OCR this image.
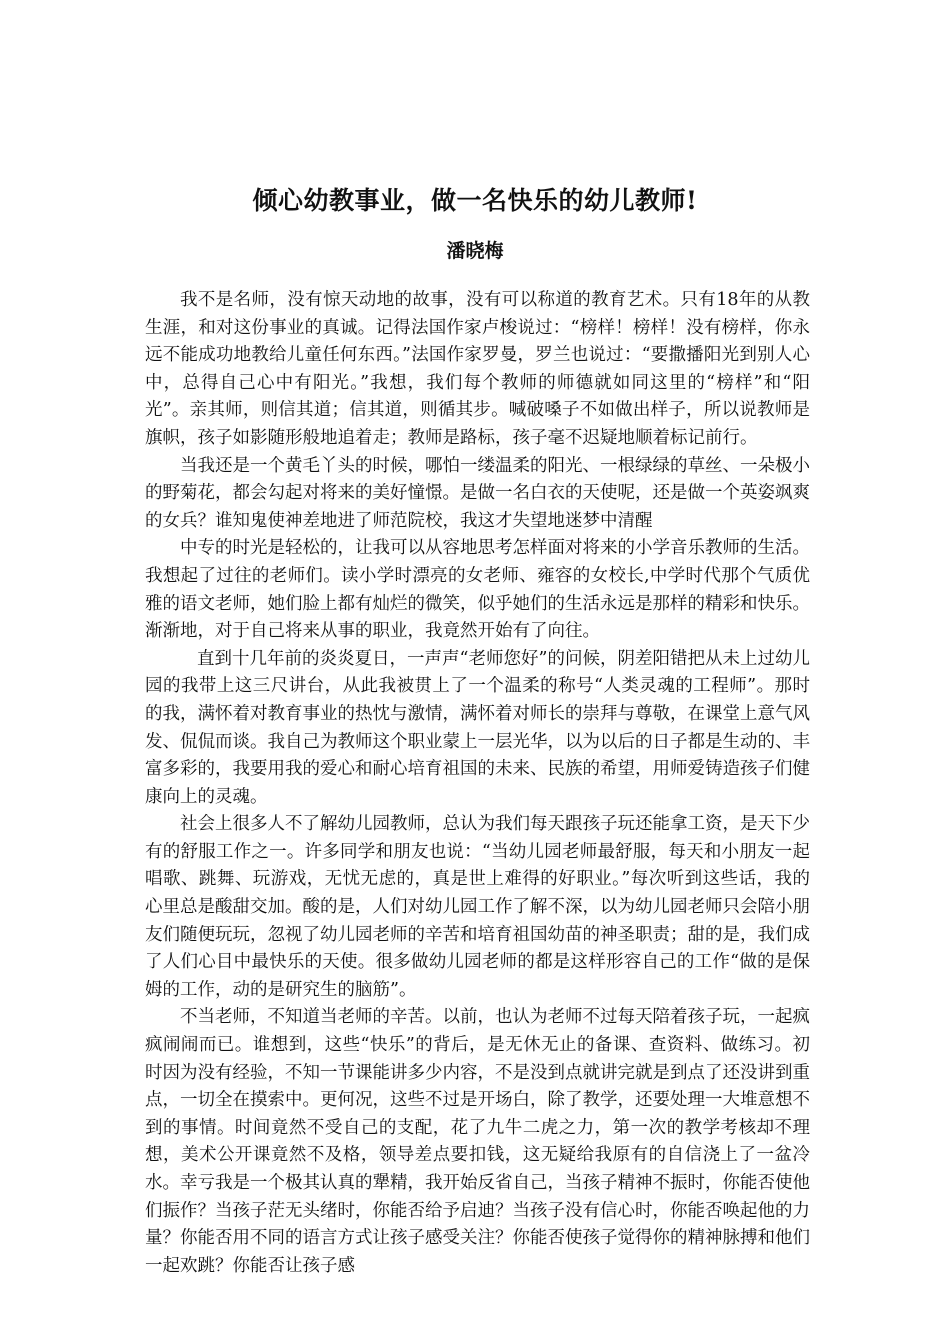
倾心幼教事业，做一名快乐的幼儿教师!
潘晓梅

我不是名师，没有惊天动地的故事，没有可以称道的教育艺术。只有18年的从教生涯，和对这份事业的真诚。记得法国作家卢梭说过：“榜样！榜样！没有榜样，你永远不能成功地教给儿童任何东西。”法国作家罗曼，罗兰也说过：“要撒播阳光到别人心中，总得自己心中有阳光。”我想，我们每个教师的师德就如同这里的“榜样”和“阳光”。亲其师，则信其道；信其道，则循其步。喊破嗓子不如做出样子，所以说教师是旗帜，孩子如影随形般地追着走；教师是路标，孩子毫不迟疑地顺着标记前行。

当我还是一个黄毛丫头的时候，哪怕一缕温柔的阳光、一根绿绿的草丝、一朵极小的野菊花，都会勾起对将来的美好憧憬。是做一名白衣的天使呢，还是做一个英姿飒爽的女兵？谁知鬼使神差地进了师范院校，我这才失望地迷梦中清醒

中专的时光是轻松的，让我可以从容地思考怎样面对将来的小学音乐教师的生活。我想起了过往的老师们。读小学时漂亮的女老师、雍容的女校长,中学时代那个气质优雅的语文老师，她们脸上都有灿烂的微笑，似乎她们的生活永远是那样的精彩和快乐。渐渐地，对于自己将来从事的职业，我竟然开始有了向往。

直到十几年前的炎炎夏日，一声声“老师您好”的问候，阴差阳错把从未上过幼儿园的我带上这三尺讲台，从此我被贯上了一个温柔的称号“人类灵魂的工程师”。那时的我，满怀着对教育事业的热忱与激情，满怀着对师长的崇拜与尊敬，在课堂上意气风发、侃侃而谈。我自己为教师这个职业蒙上一层光华，以为以后的日子都是生动的、丰富多彩的，我要用我的爱心和耐心培育祖国的未来、民族的希望，用师爱铸造孩子们健康向上的灵魂。

社会上很多人不了解幼儿园教师，总认为我们每天跟孩子玩还能拿工资，是天下少有的舒服工作之一。许多同学和朋友也说：“当幼儿园老师最舒服，每天和小朋友一起唱歌、跳舞、玩游戏，无忧无虑的，真是世上难得的好职业。”每次听到这些话，我的心里总是酸甜交加。酸的是，人们对幼儿园工作了解不深，以为幼儿园老师只会陪小朋友们随便玩玩，忽视了幼儿园老师的辛苦和培育祖国幼苗的神圣职责；甜的是，我们成了人们心目中最快乐的天使。很多做幼儿园老师的都是这样形容自己的工作“做的是保姆的工作，动的是研究生的脑筋”。

不当老师，不知道当老师的辛苦。以前，也认为老师不过每天陪着孩子玩，一起疯疯闹闹而已。谁想到，这些“快乐”的背后，是无休无止的备课、查资料、做练习。初时因为没有经验，不知一节课能讲多少内容，不是没到点就讲完就是到点了还没讲到重点，一切全在摸索中。更何况，这些不过是开场白，除了教学，还要处理一大堆意想不到的事情。时间竟然不受自己的支配，花了九牛二虎之力，第一次的教学考核却不理想，美术公开课竟然不及格，领导差点要扣钱，这无疑给我原有的自信浇上了一盆冷水。幸亏我是一个极其认真的犟精，我开始反省自己，当孩子精神不振时，你能否使他们振作？当孩子茫无头绪时，你能否给予启迪？当孩子没有信心时，你能否唤起他的力量？你能否用不同的语言方式让孩子感受关注？你能否使孩子觉得你的精神脉搏和他们一起欢跳？你能否让孩子感
